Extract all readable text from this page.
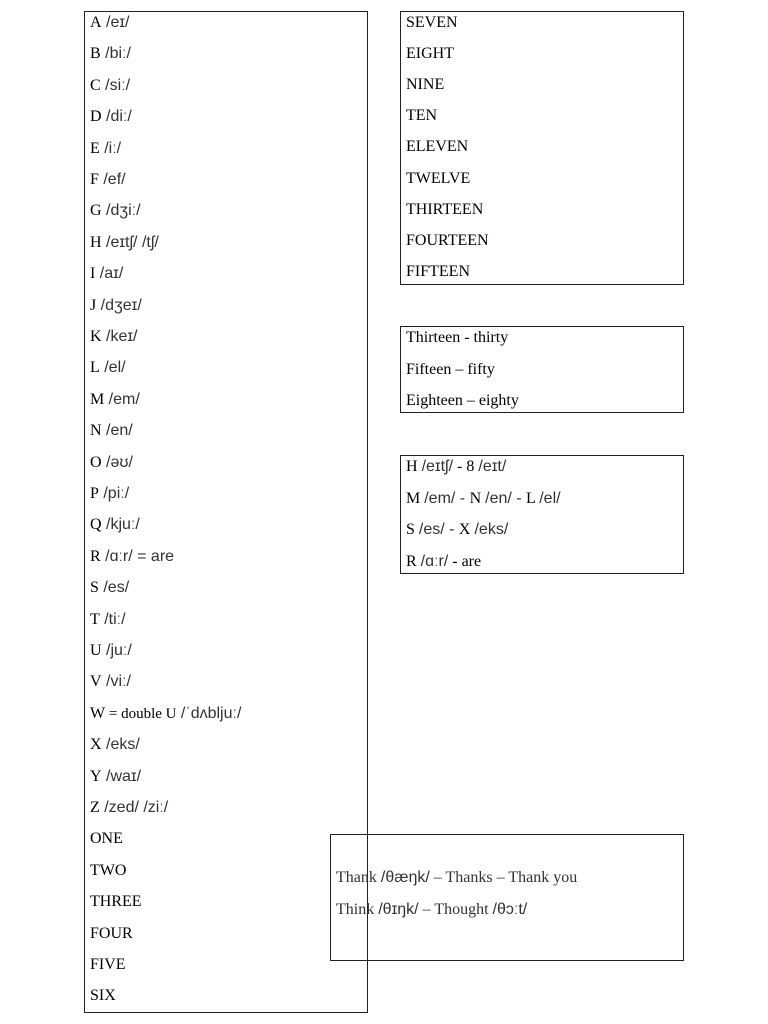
A /eɪ/
B /biː/
C /siː/
D /diː/
E /iː/
F /ef/
G /dʒiː/
H /eɪtʃ/ /tʃ/
I /aɪ/
J /dʒeɪ/
K /keɪ/
L /el/
M /em/
N /en/
O /əʊ/
P /piː/
Q /kjuː/
R /ɑːr/ = are
S /es/
T /tiː/
U /juː/
V /viː/
W = double U /ˈdʌbljuː/
X /eks/
Y /waɪ/
Z /zed/ /ziː/
ONE
TWO
THREE
FOUR
FIVE
SIX
SEVEN
EIGHT
NINE
TEN
ELEVEN
TWELVE
THIRTEEN
FOURTEEN
FIFTEEN
Thirteen - thirty
Fifteen – fifty
Eighteen – eighty
H /eɪtʃ/ - 8 /eɪt/
M /em/ - N /en/ - L /el/
S /es/ - X /eks/
R /ɑːr/ - are
Thank /θæŋk/ – Thanks – Thank you
Think /θɪŋk/ – Thought /θɔːt/
